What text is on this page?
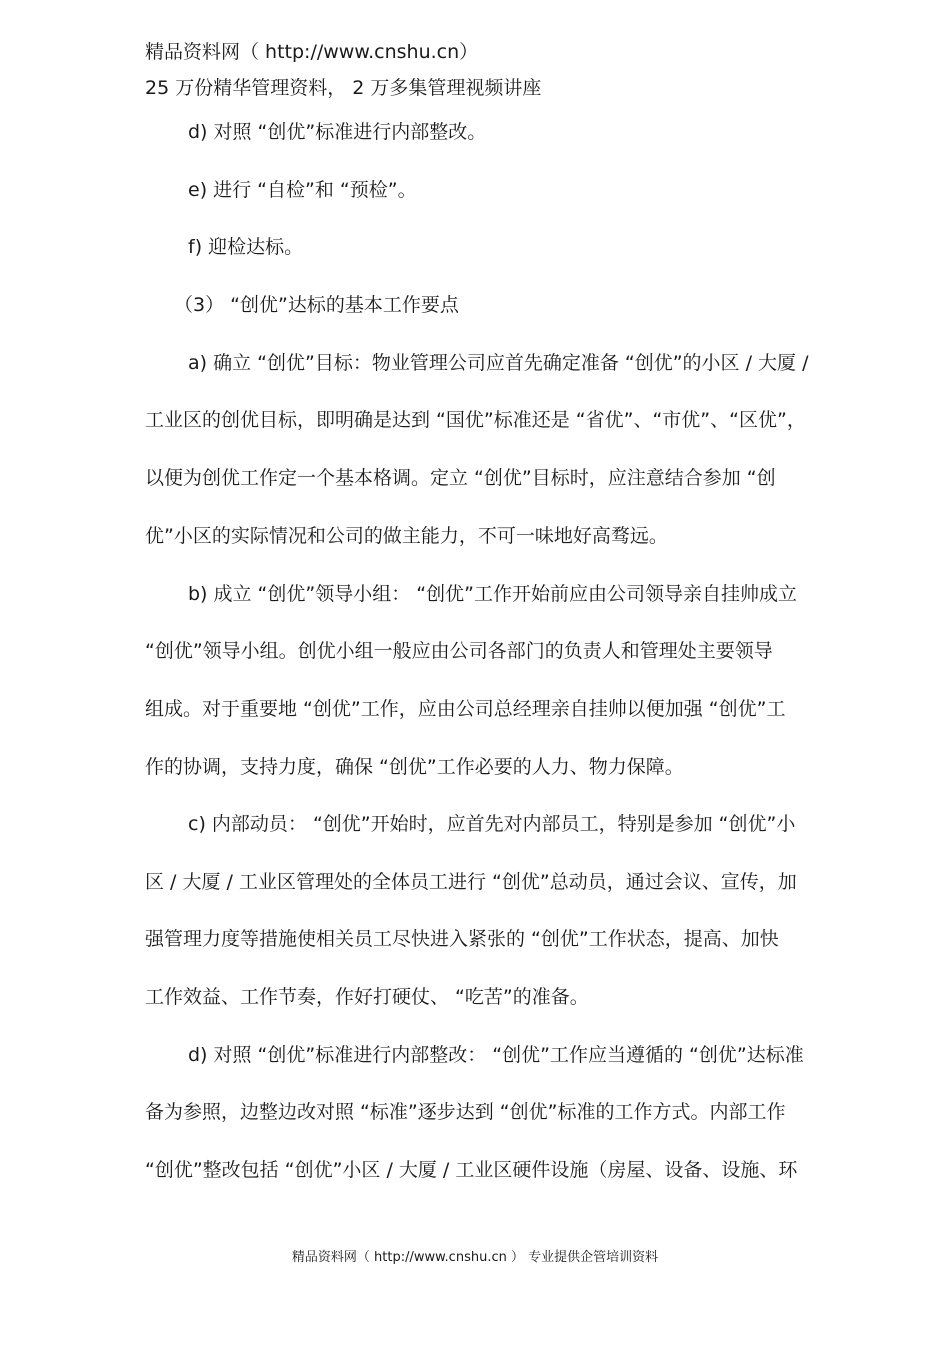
精品资料网（ http://www.cnshu.cn）
25 万份精华管理资料， 2 万多集管理视频讲座
d) 对照 “创优”标准进行内部整改。
e) 进行 “自检”和 “预检”。
f) 迎检达标。
（3） “创优”达标的基本工作要点
a) 确立 “创优”目标：物业管理公司应首先确定准备 “创优”的小区 / 大厦 /
工业区的创优目标，即明确是达到 “国优”标准还是 “省优”、“市优”、“区优”，
以便为创优工作定一个基本格调。定立 “创优”目标时，应注意结合参加 “创
优”小区的实际情况和公司的做主能力，不可一味地好高骛远。
b) 成立 “创优”领导小组： “创优”工作开始前应由公司领导亲自挂帅成立
“创优”领导小组。创优小组一般应由公司各部门的负责人和管理处主要领导
组成。对于重要地 “创优”工作，应由公司总经理亲自挂帅以便加强 “创优”工
作的协调，支持力度，确保 “创优”工作必要的人力、物力保障。
c) 内部动员： “创优”开始时，应首先对内部员工，特别是参加 “创优”小
区 / 大厦 / 工业区管理处的全体员工进行 “创优”总动员，通过会议、宣传，加
强管理力度等措施使相关员工尽快进入紧张的 “创优”工作状态，提高、加快
工作效益、工作节奏，作好打硬仗、 “吃苦”的准备。
d) 对照 “创优”标准进行内部整改： “创优”工作应当遵循的 “创优”达标准
备为参照，边整边改对照 “标准”逐步达到 “创优”标准的工作方式。内部工作
“创优”整改包括 “创优”小区 / 大厦 / 工业区硬件设施（房屋、设备、设施、环
精品资料网（ http://www.cnshu.cn ） 专业提供企管培训资料
